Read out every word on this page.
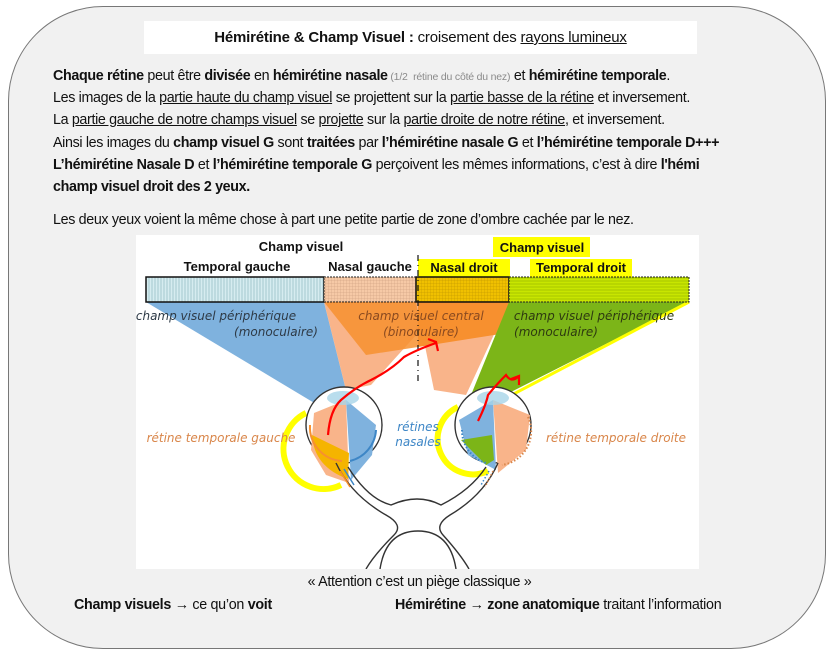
Hémirétine & Champ Visuel : croisement des rayons lumineux
Chaque rétine peut être divisée en hémirétine nasale (1/2  rétine du côté du nez) et hémirétine temporale.
Les images de la partie haute du champ visuel se projettent sur la partie basse de la rétine et inversement.
La partie gauche de notre champs visuel se projette sur la partie droite de notre rétine, et inversement.
Ainsi les images du champ visuel G sont traitées par l’hémirétine nasale G et l’hémirétine temporale D+++
L’hémirétine Nasale D et l’hémirétine temporale G perçoivent les mêmes informations, c’est à dire l'hémi
champ visuel droit des 2 yeux.
Les deux yeux voient la même chose à part une petite partie de zone d’ombre cachée par le nez.
Champ visuel	Champ visuel
Temporal gauche	Nasal gauche Nasal droit	Temporal droit
champ visuel périphérique
(monoculaire)
champ visuel central
(binoculaire)
champ visuel périphérique
(monoculaire)
rétine temporale gauche
rétines
nasales	rétine temporale droite
« Attention c’est un piège classique »
Champ visuels → ce qu’on voit	Hémirétine → zone anatomique traitant l’information
